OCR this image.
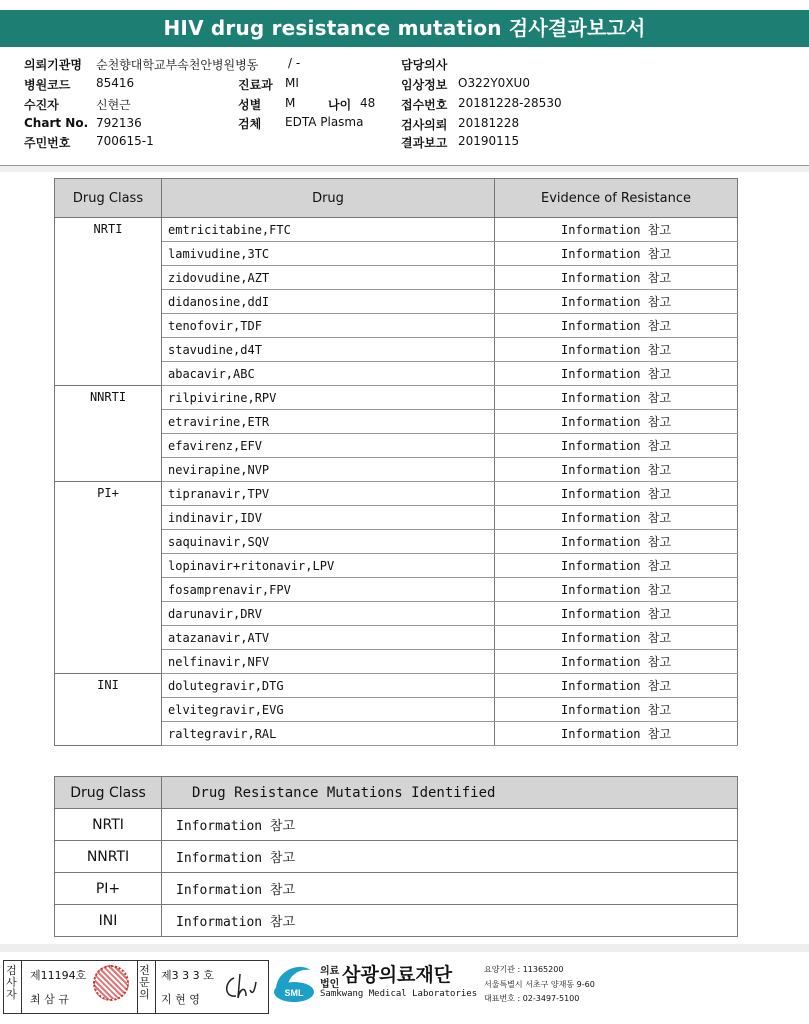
HIV drug resistance mutation 검사결과보고서
의뢰기관명 순천향대학교부속천안병원병동 / -
병원코드 85416
수진자	신현근
Chart No. 792136
주민번호 700615-1
진료과 MI
성별 M	나이 48
검체 EDTA Plasma
담당의사
임상정보 O322Y0XU0
접수번호 20181228-28530
검사의뢰 20181228
결과보고 20190115
Drug Class	Drug	Evidence of Resistance
NRTI	emtricitabine,FTC	Information 참고
	lamivudine,3TC	Information 참고
	zidovudine,AZT	Information 참고
	didanosine,ddI	Information 참고
	tenofovir,TDF	Information 참고
	stavudine,d4T	Information 참고
	abacavir,ABC	Information 참고
NNRTI	rilpivirine,RPV	Information 참고
	etravirine,ETR	Information 참고
	efavirenz,EFV	Information 참고
	nevirapine,NVP	Information 참고
PI+	tipranavir,TPV	Information 참고
	indinavir,IDV	Information 참고
	saquinavir,SQV	Information 참고
	lopinavir+ritonavir,LPV	Information 참고
	fosamprenavir,FPV	Information 참고
	darunavir,DRV	Information 참고
	atazanavir,ATV	Information 참고
	nelfinavir,NFV	Information 참고
INI	dolutegravir,DTG	Information 참고
	elvitegravir,EVG	Information 참고
	raltegravir,RAL	Information 참고
Drug Class	Drug Resistance Mutations Identified
NRTI	Information 참고
NNRTI	Information 참고
PI+	Information 참고
INI	Information 참고
검사자
제11194호
최 삼 규
전문의
제3 3 3 호
지 현 영	SML
의료
법인 삼광의료재단
Samkwang Medical Laboratories
요양기관 : 11365200
서울특별시 서초구 양재동 9-60
대표번호 : 02-3497-5100
